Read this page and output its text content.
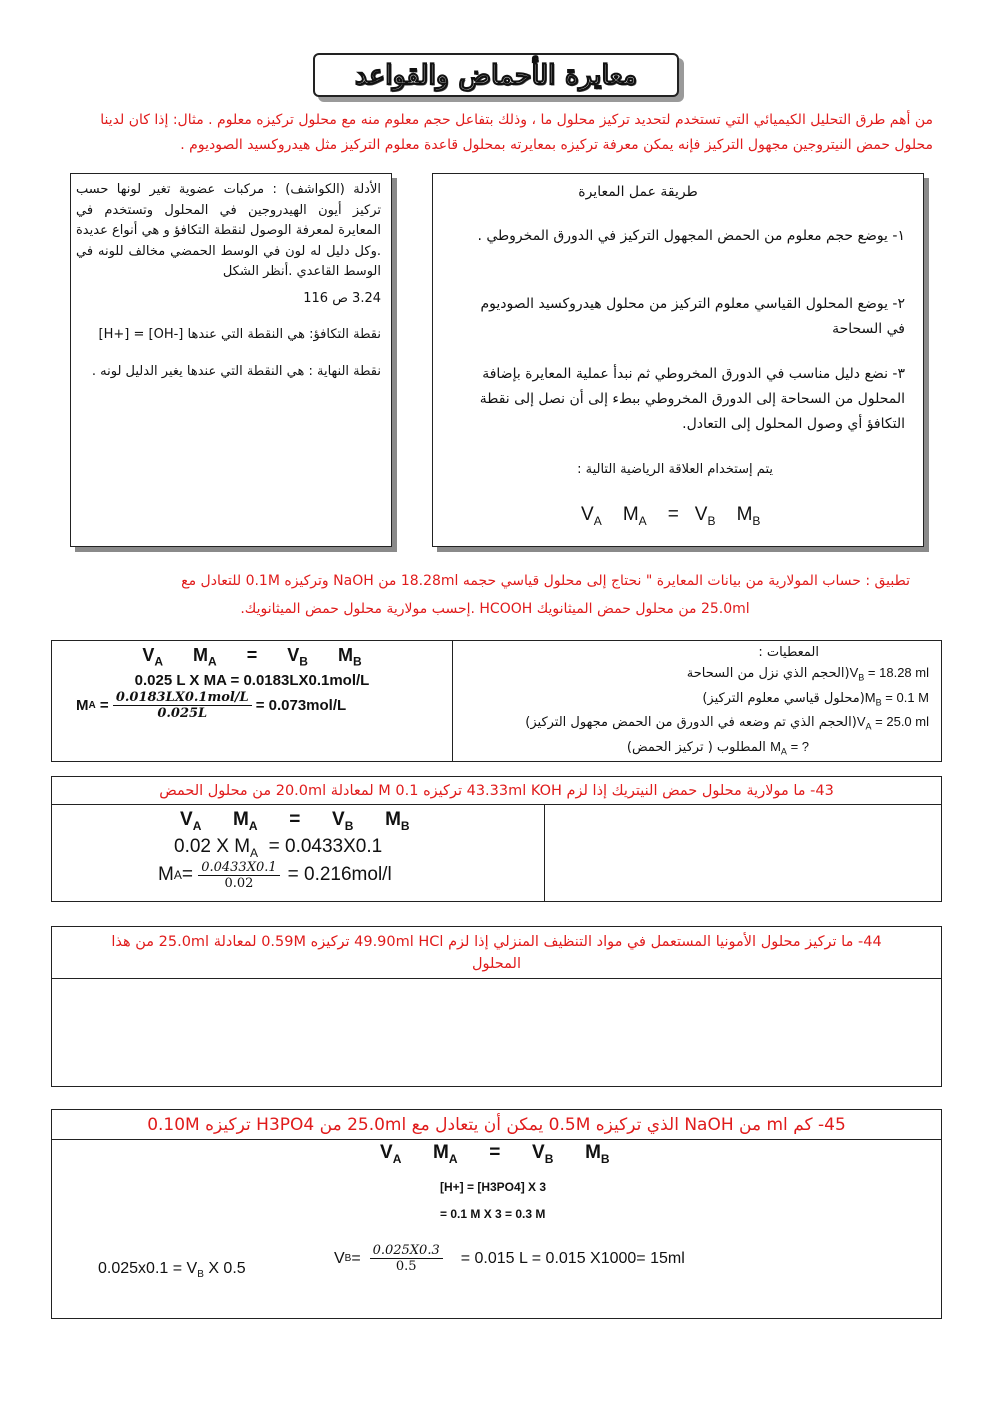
معايرة الأحماض والقواعد
من أهم طرق التحليل الكيميائي التي تستخدم لتحديد تركيز محلول ما ، وذلك بتفاعل حجم معلوم منه مع محلول تركيزه معلوم . مثال: إذا كان لدينا محلول حمض النيتروجين مجهول التركيز فإنه يمكن معرفة تركيزه بمعايرته بمحلول قاعدة معلوم التركيز مثل هيدروكسيد الصوديوم .

الأدلة (الكواشف) : مركبات عضوية تغير لونها حسب تركيز أيون الهيدروجين في المحلول وتستخدم في المعايرة لمعرفة الوصول لنقطة التكافؤ و هي أنواع عديدة .وكل دليل له لون في الوسط الحمضي مخالف للونه في الوسط القاعدي .أنظر الشكل

3.24 ص 116

نقطة التكافؤ: هي النقطة التي عندها [-OH] = [+H]

نقطة النهاية : هي النقطة التي عندها يغير الدليل لونه .

طريقة عمل المعايرة
١- يوضع حجم معلوم من الحمض المجهول التركيز في الدورق المخروطي .
٢- يوضع المحلول القياسي معلوم التركيز من محلول هيدروكسيد الصوديوم في السحاحة
٣- نضع دليل مناسب في الدورق المخروطي ثم نبدأ عملية المعايرة بإضافة المحلول من السحاحة إلى الدورق المخروطي ببطء إلى أن نصل إلى نقطة التكافؤ أي وصول المحلول إلى التعادل.
يتم إستخدام العلاقة الرياضية التالية :
$V_A$ $M_A = V_B$ $M_B$
تطبيق : حساب المولارية من بيانات المعايرة " نحتاج إلى محلول قياسي حجمه 18.28ml من NaOH وتركيزه 0.1M للتعادل مع
25.0ml من محلول حمض الميثانويك HCOOH .إحسب مولارية محلول حمض الميثانويك.
$V_A$ $M_A = V_B$ $M_B$
0.025 L X MA = 0.0183LX0.1mol/L
M $A = \frac{\text{0.0183LX0.1mol/L}}{0.025L} = 0.073mol/L$

المعطيات :
(الحجم الذي نزل من السحاحة $V_B = 18.28$ ml
(محلول قياسي معلوم التركيز)	$M_B = 0.1$ M
(الحجم الذي تم وضعه في الدورق من الحمض مجهول التركيز)	$V_A = 25.0$ ml
المطلوب ( تركيز الحمض) $M_A$ = ?
43- ما مولارية محلول حمض النيتريك إذا لزم 43.33ml KOH تركيزه 0.1 M لمعادلة 20.0ml من محلول الحمض

$V_A$ $M_A = V_B$ $M_B$
0.02 X $M_A = 0.0433X0.1$
M $A = \frac{0.0433X0.1}{0.02} = 0.216mol/l$

44- ما تركيز محلول الأمونيا المستعمل في مواد التنظيف المنزلي إذا لزم 49.90ml HCl تركيزه 0.59M لمعادلة 25.0ml من هذا المحلول

45- كم ml من NaOH الذي تركيزه 0.5M يمكن أن يتعادل مع 25.0ml من H3PO4 تركيزه 0.10M

$V_A$ $M_A = V_B$ $M_B$
[H+] = [H3PO4] X 3
= 0.1 M X 3 = 0.3 M
$0.025x0.1 = V_B$ X 0.5
V $B = \frac{0.025X0.3}{0.5} = 0.015$ L = 0.015 X1000= 15ml
